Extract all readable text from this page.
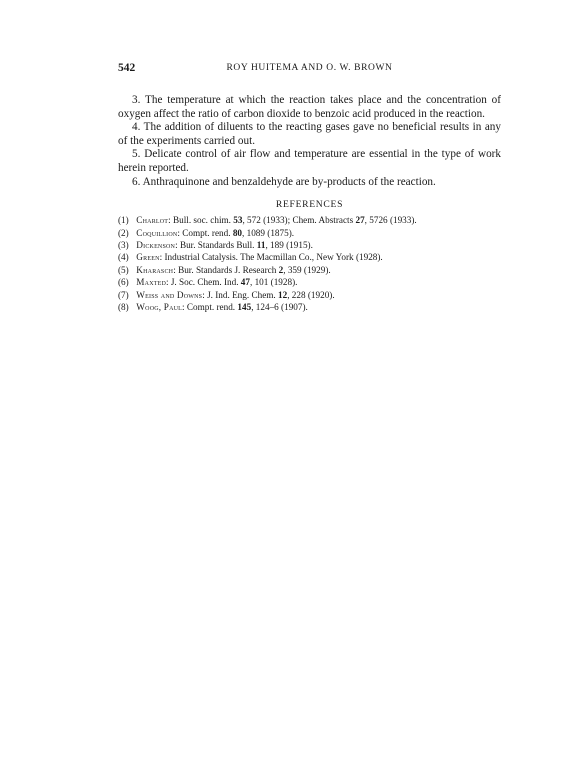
542	ROY HUITEMA AND O. W. BROWN

3. The temperature at which the reaction takes place and the concentration of oxygen affect the ratio of carbon dioxide to benzoic acid produced in the reaction.

4. The addition of diluents to the reacting gases gave no beneficial results in any of the experiments carried out.

5. Delicate control of air flow and temperature are essential in the type of work herein reported.

6. Anthraquinone and benzaldehyde are by-products of the reaction.

REFERENCES
(1) Charlot: Bull. soc. chim. 53, 572 (1933); Chem. Abstracts 27, 5726 (1933).
(2) Coquillion: Compt. rend. 80, 1089 (1875).
(3) Dickenson: Bur. Standards Bull. 11, 189 (1915).
(4) Green: Industrial Catalysis. The Macmillan Co., New York (1928).
(5) Kharasch: Bur. Standards J. Research 2, 359 (1929).
(6) Maxted: J. Soc. Chem. Ind. 47, 101 (1928).
(7) Weiss and Downs: J. Ind. Eng. Chem. 12, 228 (1920).
(8) Woog, Paul: Compt. rend. 145, 124–6 (1907).
